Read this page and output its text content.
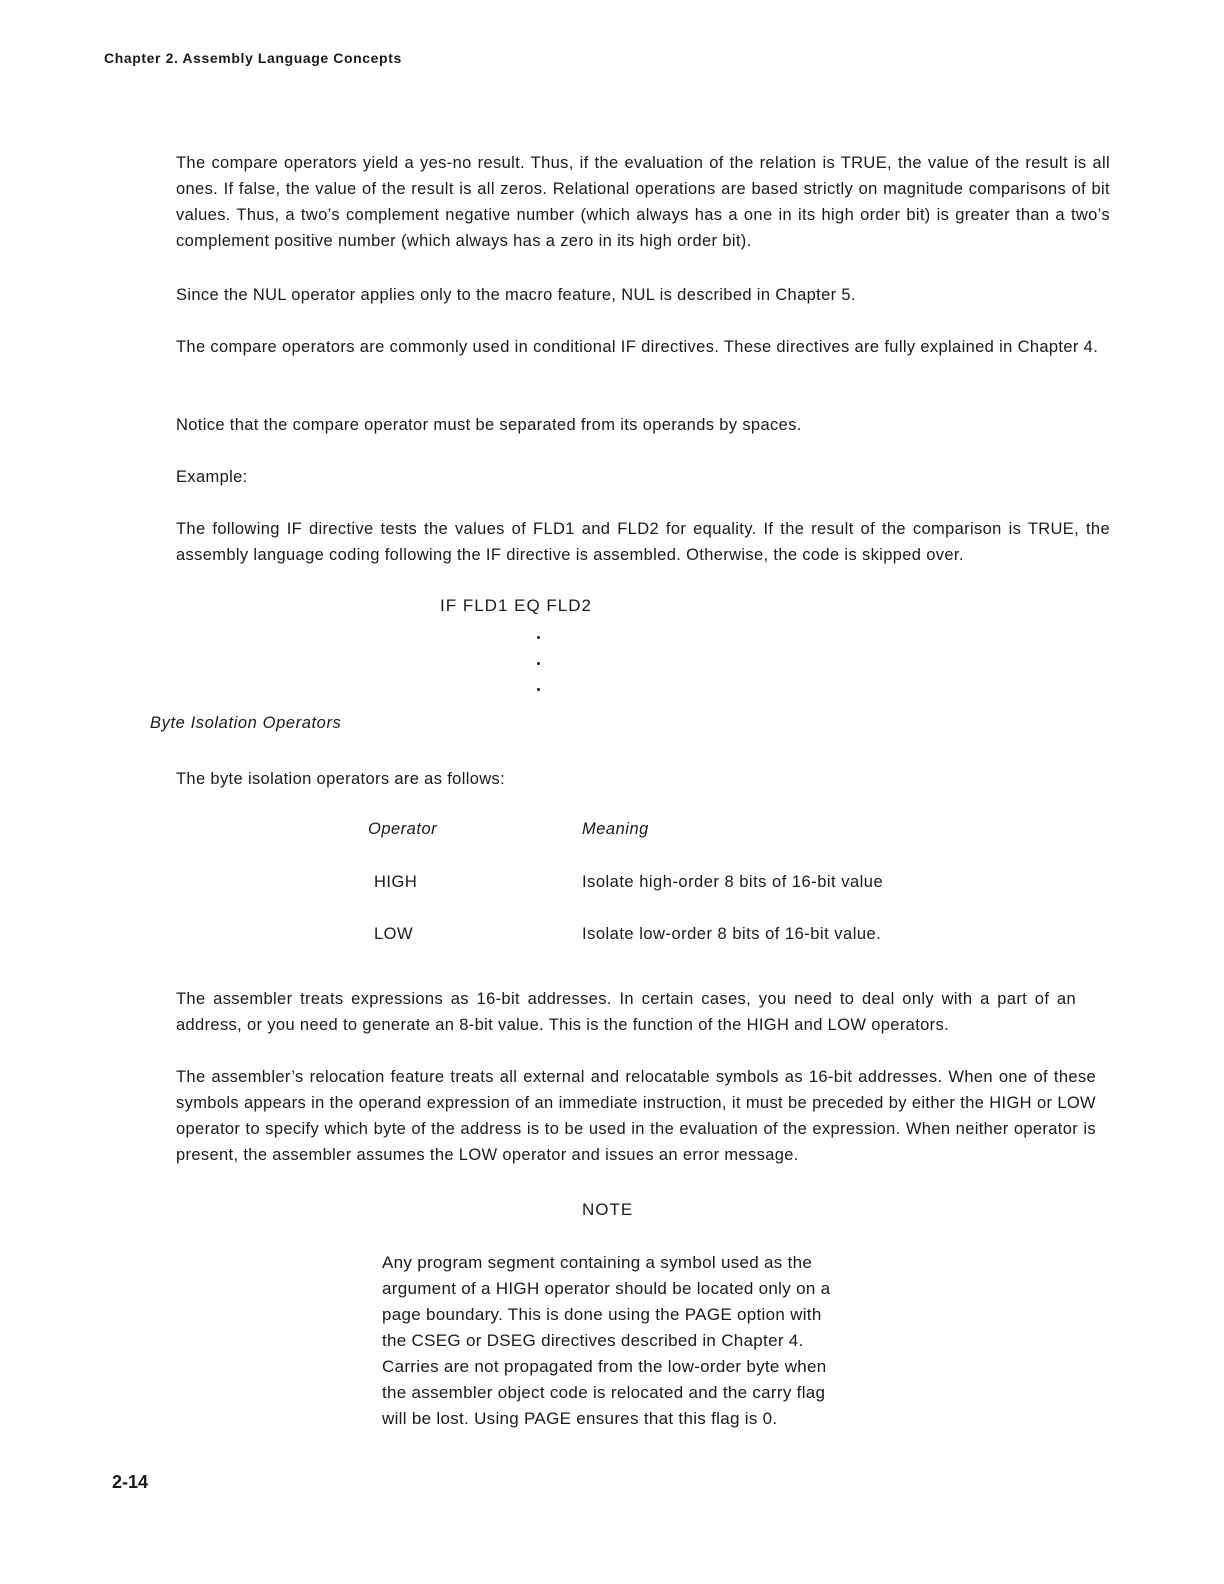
Chapter 2. Assembly Language Concepts

The compare operators yield a yes-no result. Thus, if the evaluation of the relation is TRUE, the value of the result is all ones. If false, the value of the result is all zeros. Relational operations are based strictly on magnitude comparisons of bit values. Thus, a two’s complement negative number (which always has a one in its high order bit) is greater than a two’s complement positive number (which always has a zero in its high order bit).

Since the NUL operator applies only to the macro feature, NUL is described in Chapter 5.

The compare operators are commonly used in conditional IF directives. These directives are fully explained in Chapter 4.

Notice that the compare operator must be separated from its operands by spaces.

Example:

The following IF directive tests the values of FLD1 and FLD2 for equality. If the result of the comparison is TRUE, the assembly language coding following the IF directive is assembled. Otherwise, the code is skipped over.

IF FLD1 EQ FLD2
Byte Isolation Operators

The byte isolation operators are as follows:

Operator	Meaning
HIGH	Isolate high-order 8 bits of 16-bit value
LOW	Isolate low-order 8 bits of 16-bit value.

The assembler treats expressions as 16-bit addresses. In certain cases, you need to deal only with a part of an address, or you need to generate an 8-bit value. This is the function of the HIGH and LOW operators.

The assembler’s relocation feature treats all external and relocatable symbols as 16-bit addresses. When one of these symbols appears in the operand expression of an immediate instruction, it must be preceded by either the HIGH or LOW operator to specify which byte of the address is to be used in the evaluation of the expression. When neither operator is present, the assembler assumes the LOW operator and issues an error message.

NOTE

Any program segment containing a symbol used as the argument of a HIGH operator should be located only on a page boundary. This is done using the PAGE option with the CSEG or DSEG directives described in Chapter 4. Carries are not propagated from the low-order byte when the assembler object code is relocated and the carry flag will be lost. Using PAGE ensures that this flag is 0.

2-14
